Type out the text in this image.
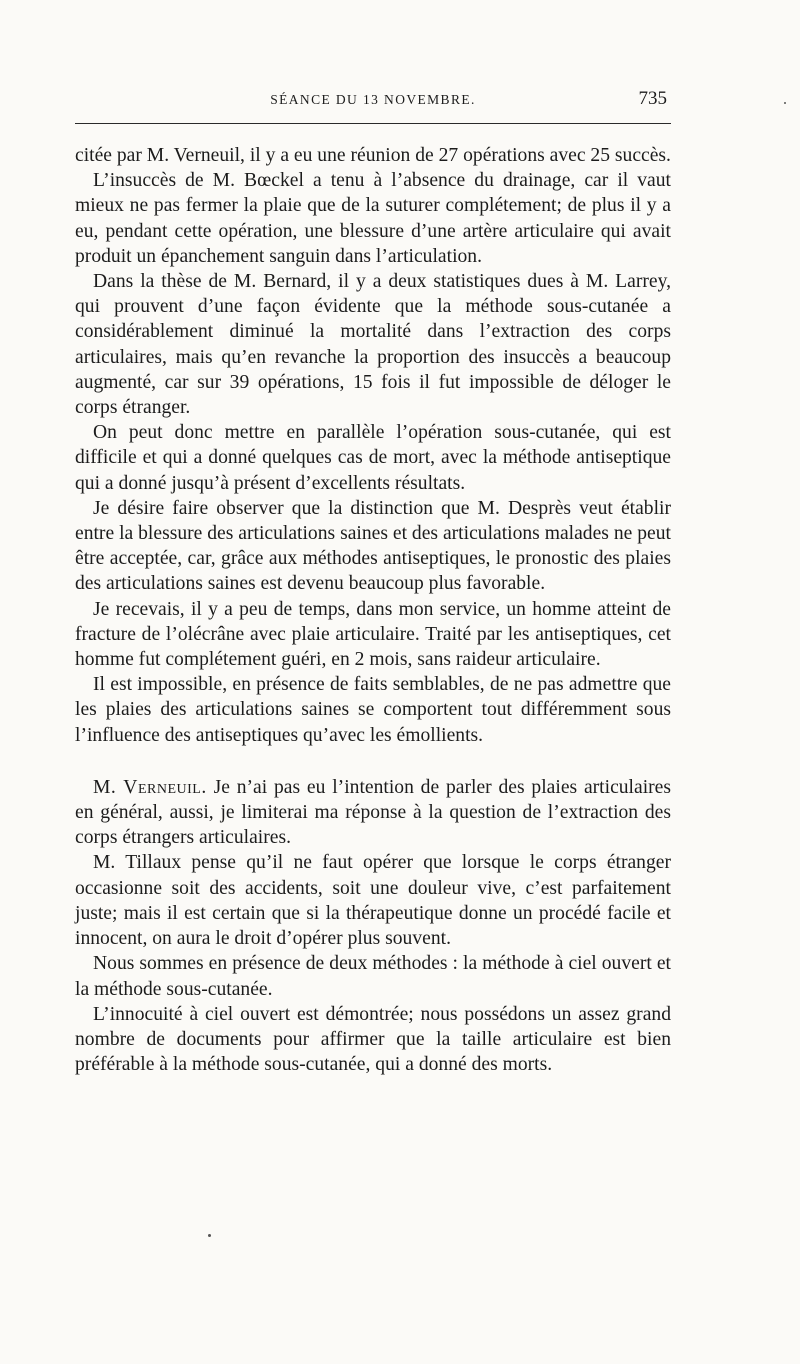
SÉANCE DU 13 NOVEMBRE.	735

citée par M. Verneuil, il y a eu une réunion de 27 opérations avec 25 succès.

L’insuccès de M. Bœckel a tenu à l’absence du drainage, car il vaut mieux ne pas fermer la plaie que de la suturer complétement; de plus il y a eu, pendant cette opération, une blessure d’une artère articulaire qui avait produit un épanchement sanguin dans l’articulation.

Dans la thèse de M. Bernard, il y a deux statistiques dues à M. Larrey, qui prouvent d’une façon évidente que la méthode sous-cutanée a considérablement diminué la mortalité dans l’extraction des corps articulaires, mais qu’en revanche la proportion des insuccès a beaucoup augmenté, car sur 39 opérations, 15 fois il fut impossible de déloger le corps étranger.

On peut donc mettre en parallèle l’opération sous-cutanée, qui est difficile et qui a donné quelques cas de mort, avec la méthode antiseptique qui a donné jusqu’à présent d’excellents résultats.

Je désire faire observer que la distinction que M. Desprès veut établir entre la blessure des articulations saines et des articulations malades ne peut être acceptée, car, grâce aux méthodes antiseptiques, le pronostic des plaies des articulations saines est devenu beaucoup plus favorable.

Je recevais, il y a peu de temps, dans mon service, un homme atteint de fracture de l’olécrâne avec plaie articulaire. Traité par les antiseptiques, cet homme fut complétement guéri, en 2 mois, sans raideur articulaire.

Il est impossible, en présence de faits semblables, de ne pas admettre que les plaies des articulations saines se comportent tout différemment sous l’influence des antiseptiques qu’avec les émollients.

M. Verneuil. Je n’ai pas eu l’intention de parler des plaies articulaires en général, aussi, je limiterai ma réponse à la question de l’extraction des corps étrangers articulaires.

M. Tillaux pense qu’il ne faut opérer que lorsque le corps étranger occasionne soit des accidents, soit une douleur vive, c’est parfaitement juste; mais il est certain que si la thérapeutique donne un procédé facile et innocent, on aura le droit d’opérer plus souvent.

Nous sommes en présence de deux méthodes : la méthode à ciel ouvert et la méthode sous-cutanée.

L’innocuité à ciel ouvert est démontrée; nous possédons un assez grand nombre de documents pour affirmer que la taille articulaire est bien préférable à la méthode sous-cutanée, qui a donné des morts.
